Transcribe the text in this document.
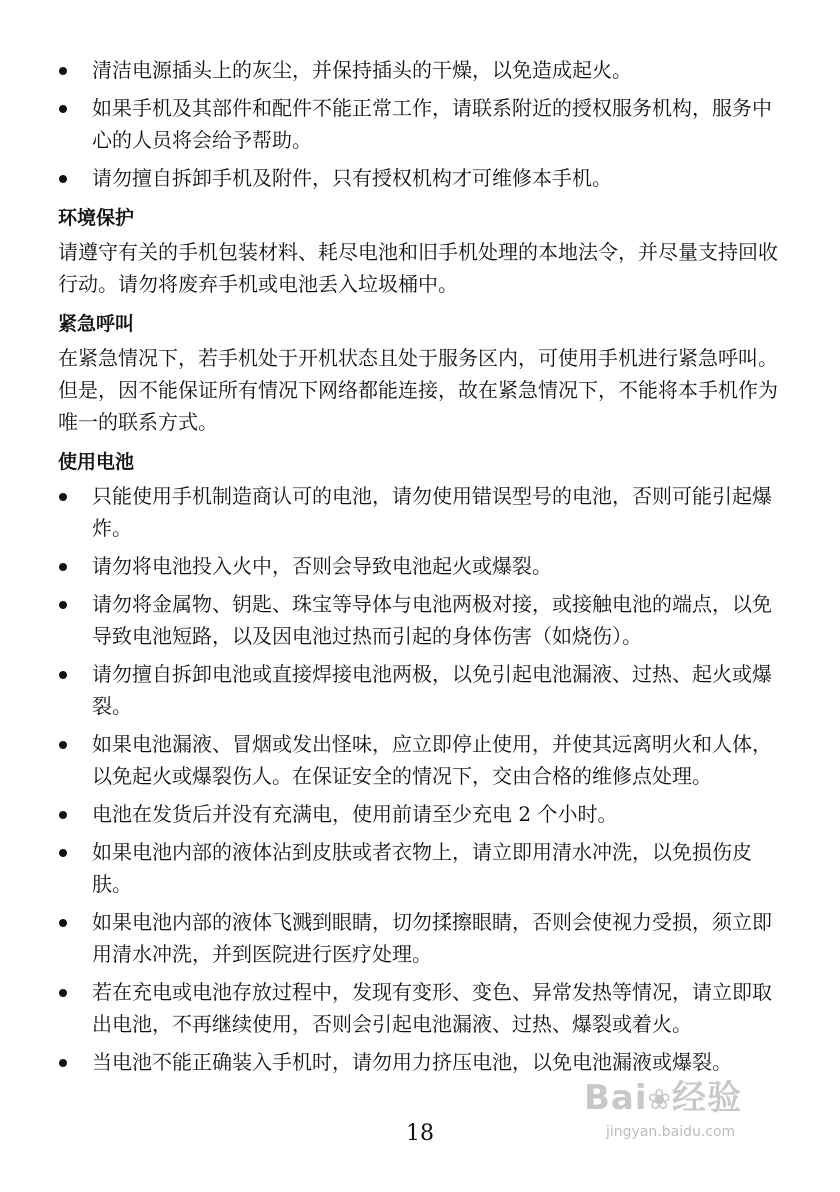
清洁电源插头上的灰尘，并保持插头的干燥，以免造成起火。
如果手机及其部件和配件不能正常工作，请联系附近的授权服务机构，服务中心的人员将会给予帮助。
请勿擅自拆卸手机及附件，只有授权机构才可维修本手机。
环境保护

请遵守有关的手机包装材料、耗尽电池和旧手机处理的本地法令，并尽量支持回收行动。请勿将废弃手机或电池丢入垃圾桶中。

紧急呼叫

在紧急情况下，若手机处于开机状态且处于服务区内，可使用手机进行紧急呼叫。但是，因不能保证所有情况下网络都能连接，故在紧急情况下，不能将本手机作为唯一的联系方式。

使用电池
只能使用手机制造商认可的电池，请勿使用错误型号的电池，否则可能引起爆炸。
请勿将电池投入火中，否则会导致电池起火或爆裂。
请勿将金属物、钥匙、珠宝等导体与电池两极对接，或接触电池的端点，以免导致电池短路，以及因电池过热而引起的身体伤害（如烧伤）。
请勿擅自拆卸电池或直接焊接电池两极，以免引起电池漏液、过热、起火或爆裂。
如果电池漏液、冒烟或发出怪味，应立即停止使用，并使其远离明火和人体，以免起火或爆裂伤人。在保证安全的情况下，交由合格的维修点处理。
电池在发货后并没有充满电，使用前请至少充电 2 个小时。
如果电池内部的液体沾到皮肤或者衣物上，请立即用清水冲洗，以免损伤皮肤。
如果电池内部的液体飞溅到眼睛，切勿揉擦眼睛，否则会使视力受损，须立即用清水冲洗，并到医院进行医疗处理。
若在充电或电池存放过程中，发现有变形、变色、异常发热等情况，请立即取出电池，不再继续使用，否则会引起电池漏液、过热、爆裂或着火。
当电池不能正确装入手机时，请勿用力挤压电池，以免电池漏液或爆裂。
18
Bai❀经验
jingyan.baidu.com
